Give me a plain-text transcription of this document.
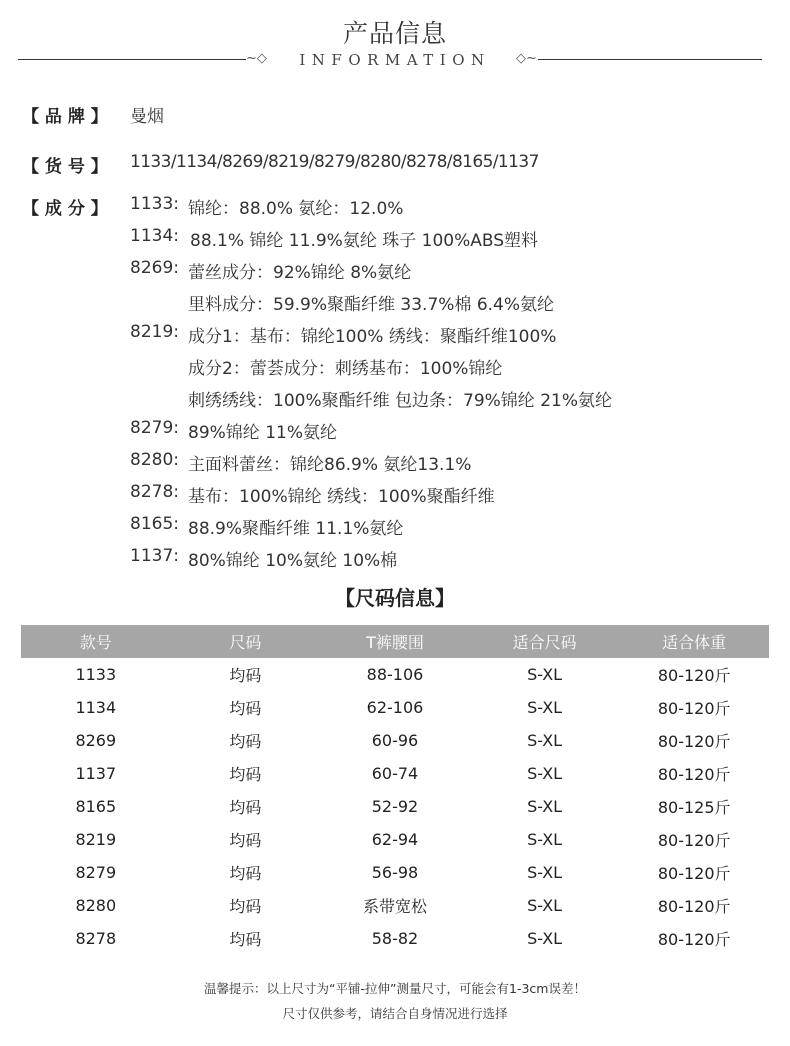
产品信息
~◇	INFORMATION	◇~
【 品 牌 】 曼烟
【 货 号 】 1133/1134/8269/8219/8279/8280/8278/8165/1137
【 成 分 】 1133: 锦纶：88.0% 氨纶：12.0%
1134: 88.1% 锦纶 11.9%氨纶 珠子 100%ABS塑料
8269: 蕾丝成分：92%锦纶 8%氨纶
里料成分：59.9%聚酯纤维 33.7%棉 6.4%氨纶
8219: 成分1：基布：锦纶100% 绣线：聚酯纤维100%
成分2：蕾荟成分：刺绣基布：100%锦纶
刺绣绣线：100%聚酯纤维 包边条：79%锦纶 21%氨纶
8279: 89%锦纶 11%氨纶
8280: 主面料蕾丝：锦纶86.9% 氨纶13.1%
8278: 基布：100%锦纶 绣线：100%聚酯纤维
8165: 88.9%聚酯纤维 11.1%氨纶
1137: 80%锦纶 10%氨纶 10%棉
【尺码信息】
款号	尺码	T裤腰围	适合尺码	适合体重
1133	均码	88-106	S-XL	80-120斤
1134	均码	62-106	S-XL	80-120斤
8269	均码	60-96	S-XL	80-120斤
1137	均码	60-74	S-XL	80-120斤
8165	均码	52-92	S-XL	80-125斤
8219	均码	62-94	S-XL	80-120斤
8279	均码	56-98	S-XL	80-120斤
8280	均码	系带宽松	S-XL	80-120斤
8278	均码	58-82	S-XL	80-120斤
温馨提示：以上尺寸为“平铺-拉伸”测量尺寸，可能会有1-3cm误差！
尺寸仅供参考，请结合自身情况进行选择
